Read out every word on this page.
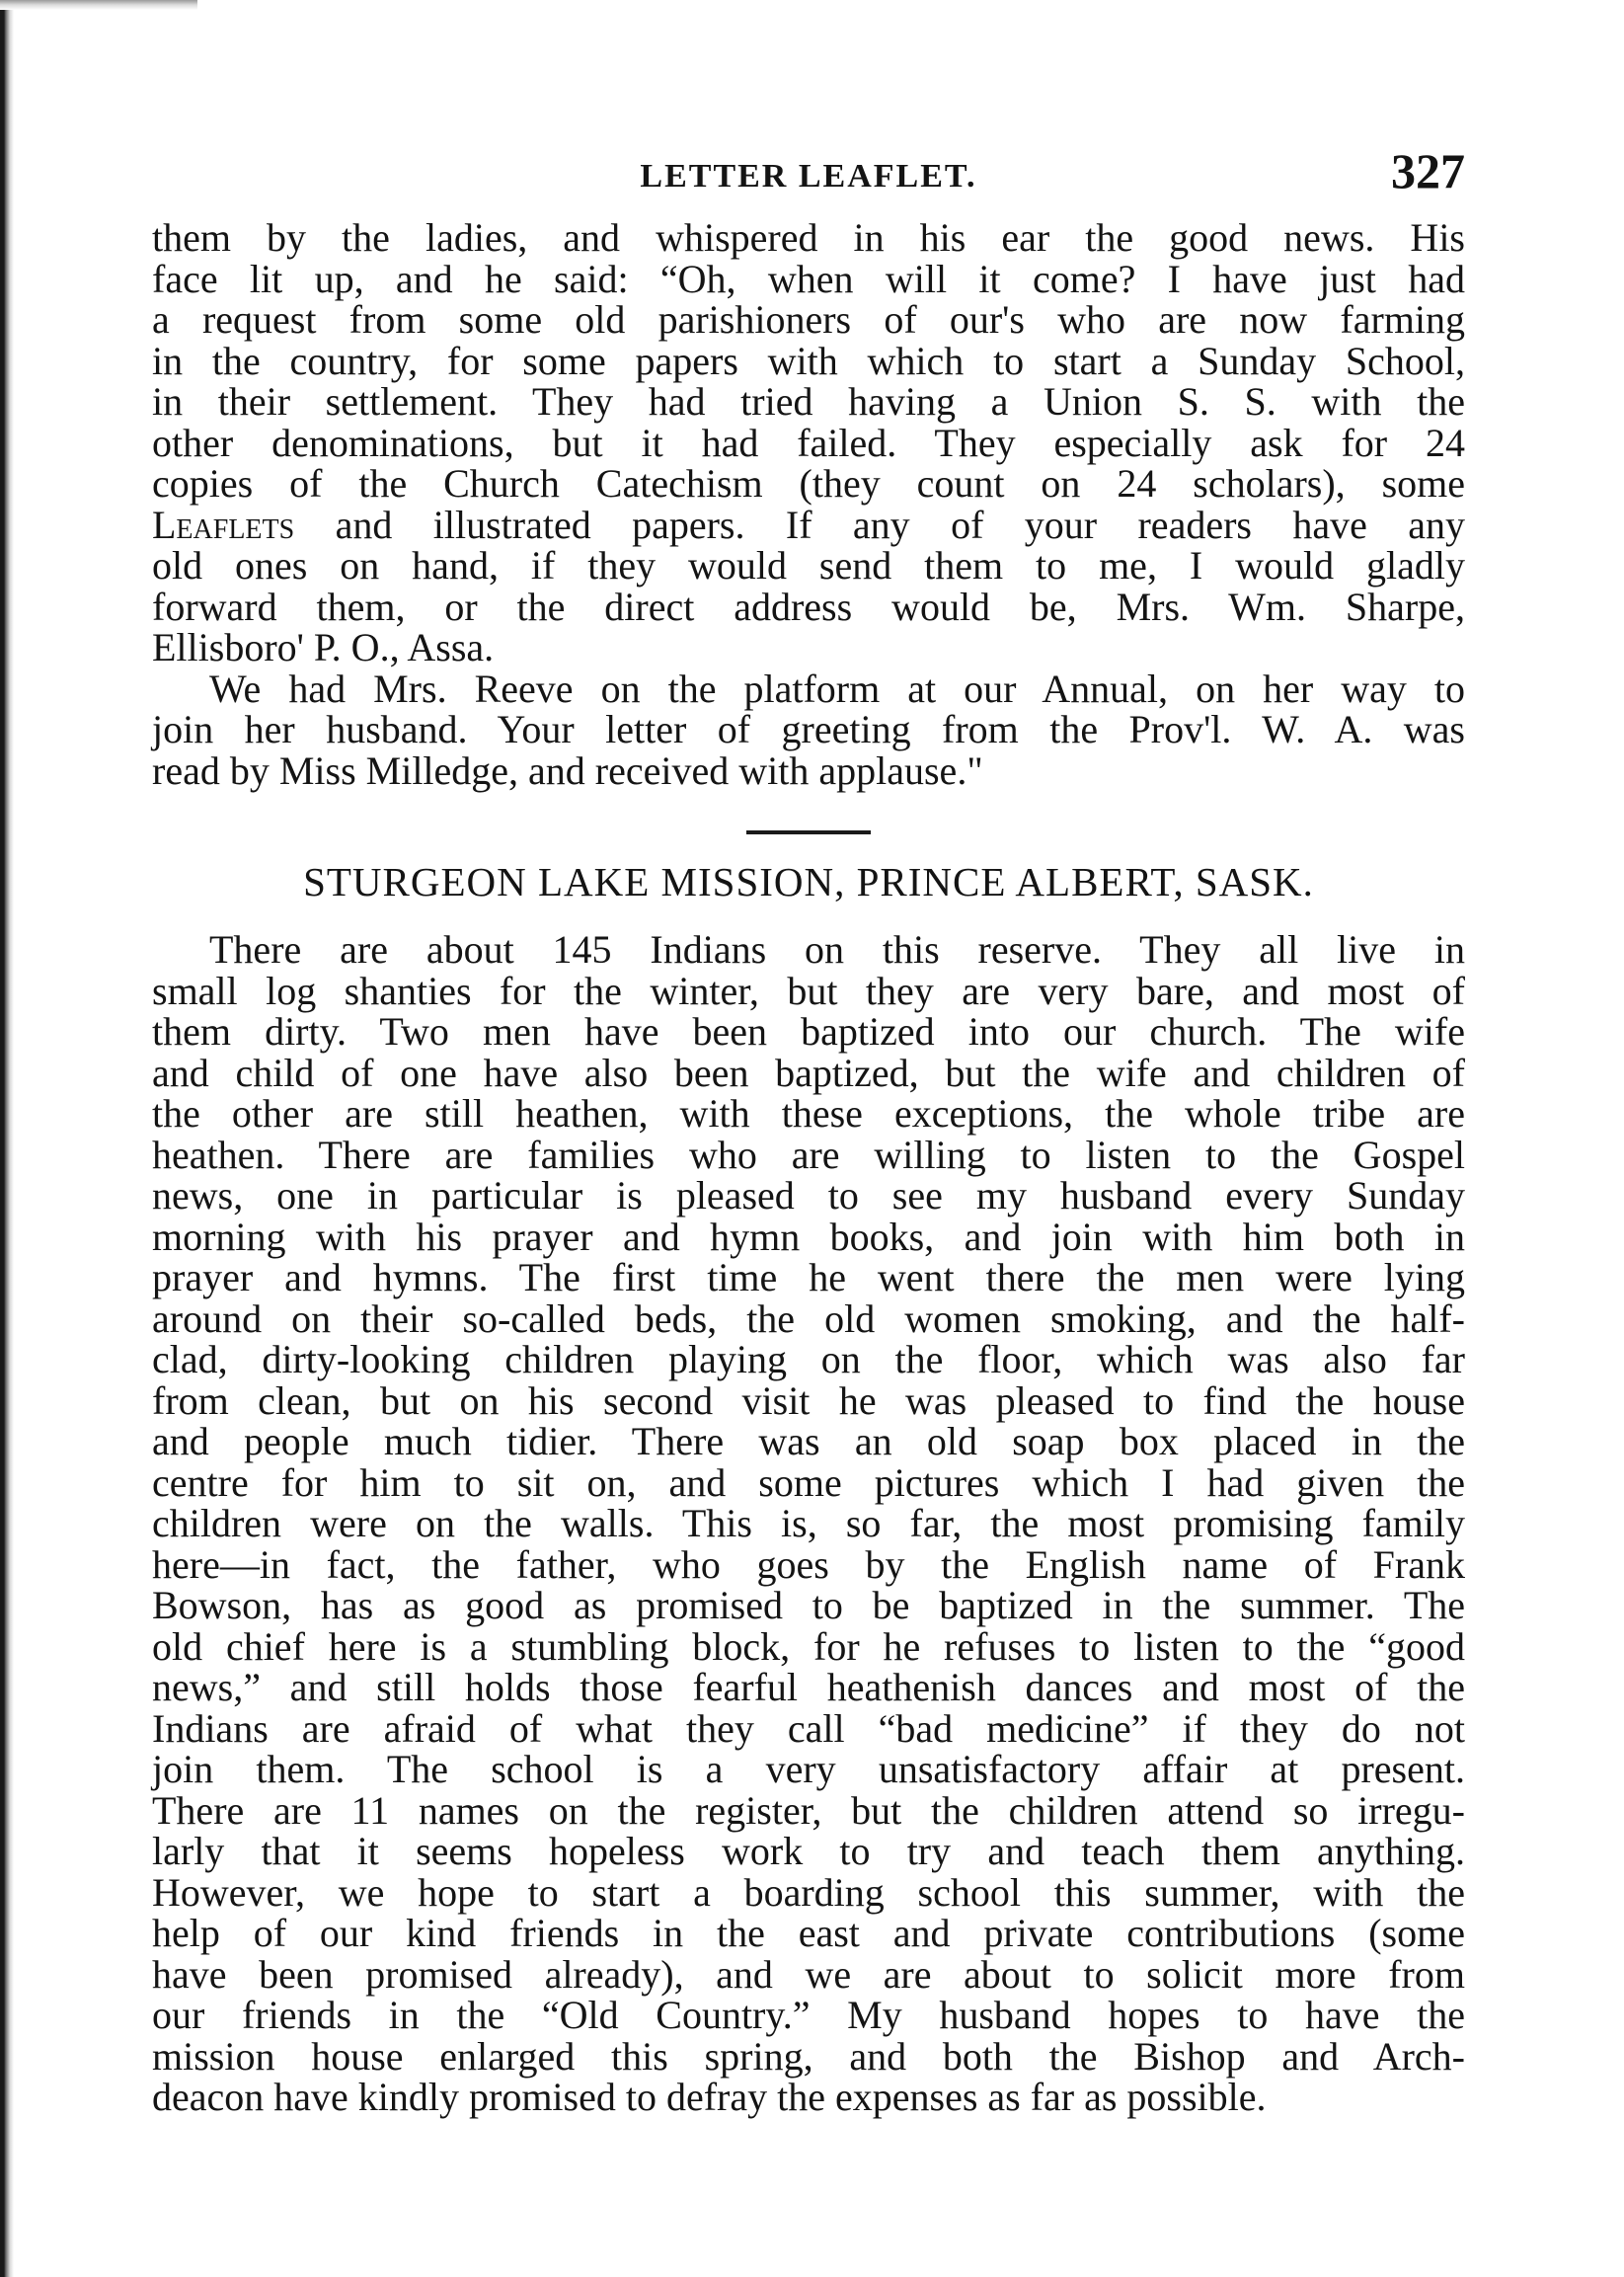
LETTER LEAFLET.	327

them by the ladies, and whispered in his ear the good news. His
face lit up, and he said: “Oh, when will it come? I have just had
a request from some old parishioners of our's who are now farming
in the country, for some papers with which to start a Sunday School,
in their settlement. They had tried having a Union S. S. with the
other denominations, but it had failed. They especially ask for 24
copies of the Church Catechism (they count on 24 scholars), some
Leaflets and illustrated papers. If any of your readers have any
old ones on hand, if they would send them to me, I would gladly
forward them, or the direct address would be, Mrs. Wm. Sharpe,
Ellisboro' P. O., Assa.

We had Mrs. Reeve on the platform at our Annual, on her way to
join her husband. Your letter of greeting from the Prov'l. W. A. was
read by Miss Milledge, and received with applause."

STURGEON LAKE MISSION, PRINCE ALBERT, SASK.

There are about 145 Indians on this reserve. They all live in
small log shanties for the winter, but they are very bare, and most of
them dirty. Two men have been baptized into our church. The wife
and child of one have also been baptized, but the wife and children of
the other are still heathen, with these exceptions, the whole tribe are
heathen. There are families who are willing to listen to the Gospel
news, one in particular is pleased to see my husband every Sunday
morning with his prayer and hymn books, and join with him both in
prayer and hymns. The first time he went there the men were lying
around on their so-called beds, the old women smoking, and the half-
clad, dirty-looking children playing on the floor, which was also far
from clean, but on his second visit he was pleased to find the house
and people much tidier. There was an old soap box placed in the
centre for him to sit on, and some pictures which I had given the
children were on the walls. This is, so far, the most promising family
here—in fact, the father, who goes by the English name of Frank
Bowson, has as good as promised to be baptized in the summer. The
old chief here is a stumbling block, for he refuses to listen to the “good
news,” and still holds those fearful heathenish dances and most of the
Indians are afraid of what they call “bad medicine” if they do not
join them. The school is a very unsatisfactory affair at present.
There are 11 names on the register, but the children attend so irregu-
larly that it seems hopeless work to try and teach them anything.
However, we hope to start a boarding school this summer, with the
help of our kind friends in the east and private contributions (some
have been promised already), and we are about to solicit more from
our friends in the “Old Country.” My husband hopes to have the
mission house enlarged this spring, and both the Bishop and Arch-
deacon have kindly promised to defray the expenses as far as possible.
